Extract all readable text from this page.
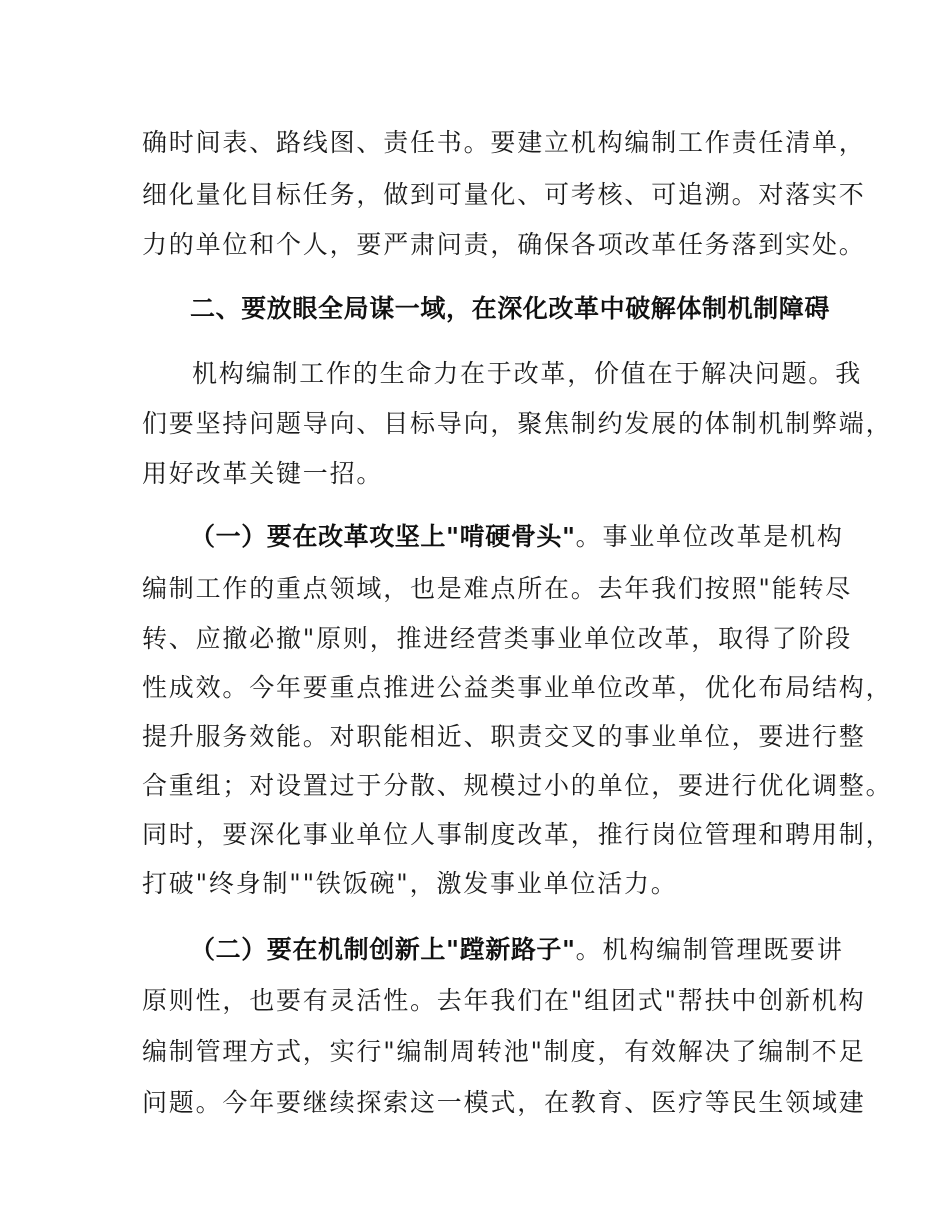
确时间表、路线图、责任书。要建立机构编制工作责任清单，
细化量化目标任务，做到可量化、可考核、可追溯。对落实不
力的单位和个人，要严肃问责，确保各项改革任务落到实处。
二、要放眼全局谋一域，在深化改革中破解体制机制障碍
机构编制工作的生命力在于改革，价值在于解决问题。我
们要坚持问题导向、目标导向，聚焦制约发展的体制机制弊端，
用好改革关键一招。
（一）要在改革攻坚上"啃硬骨头"。事业单位改革是机构
编制工作的重点领域，也是难点所在。去年我们按照"能转尽
转、应撤必撤"原则，推进经营类事业单位改革，取得了阶段
性成效。今年要重点推进公益类事业单位改革，优化布局结构，
提升服务效能。对职能相近、职责交叉的事业单位，要进行整
合重组；对设置过于分散、规模过小的单位，要进行优化调整。
同时，要深化事业单位人事制度改革，推行岗位管理和聘用制，
打破"终身制""铁饭碗"，激发事业单位活力。
（二）要在机制创新上"蹚新路子"。机构编制管理既要讲
原则性，也要有灵活性。去年我们在"组团式"帮扶中创新机构
编制管理方式，实行"编制周转池"制度，有效解决了编制不足
问题。今年要继续探索这一模式，在教育、医疗等民生领域建
